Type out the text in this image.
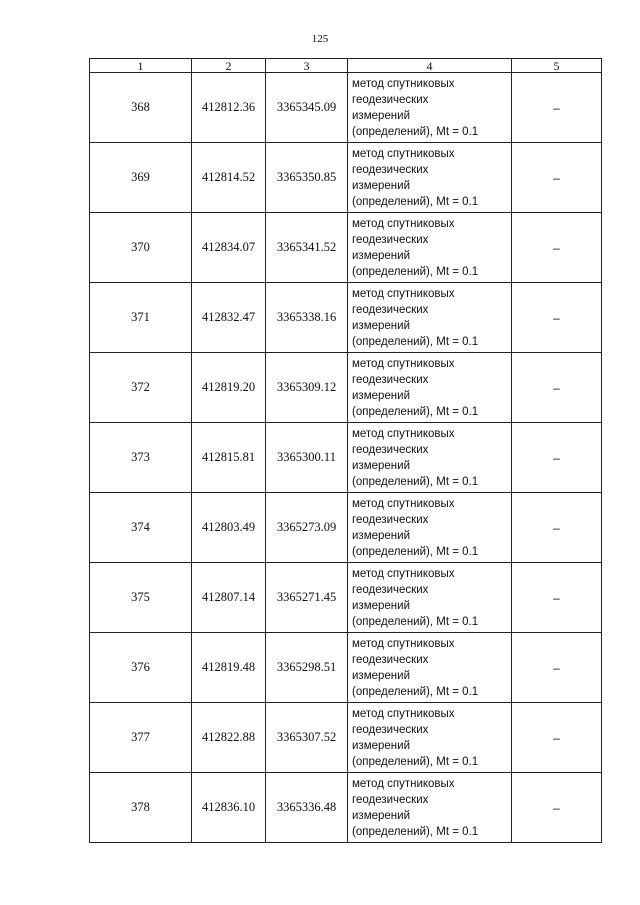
125
1	2	3	4	5
368	412812.36	3365345.09	метод спутниковых
геодезических
измерений
(определений), Mt = 0.1	–
369	412814.52	3365350.85	метод спутниковых
геодезических
измерений
(определений), Mt = 0.1	–
370	412834.07	3365341.52	метод спутниковых
геодезических
измерений
(определений), Mt = 0.1	–
371	412832.47	3365338.16	метод спутниковых
геодезических
измерений
(определений), Mt = 0.1	–
372	412819.20	3365309.12	метод спутниковых
геодезических
измерений
(определений), Mt = 0.1	–
373	412815.81	3365300.11	метод спутниковых
геодезических
измерений
(определений), Mt = 0.1	–
374	412803.49	3365273.09	метод спутниковых
геодезических
измерений
(определений), Mt = 0.1	–
375	412807.14	3365271.45	метод спутниковых
геодезических
измерений
(определений), Mt = 0.1	–
376	412819.48	3365298.51	метод спутниковых
геодезических
измерений
(определений), Mt = 0.1	–
377	412822.88	3365307.52	метод спутниковых
геодезических
измерений
(определений), Mt = 0.1	–
378	412836.10	3365336.48	метод спутниковых
геодезических
измерений
(определений), Mt = 0.1	–
